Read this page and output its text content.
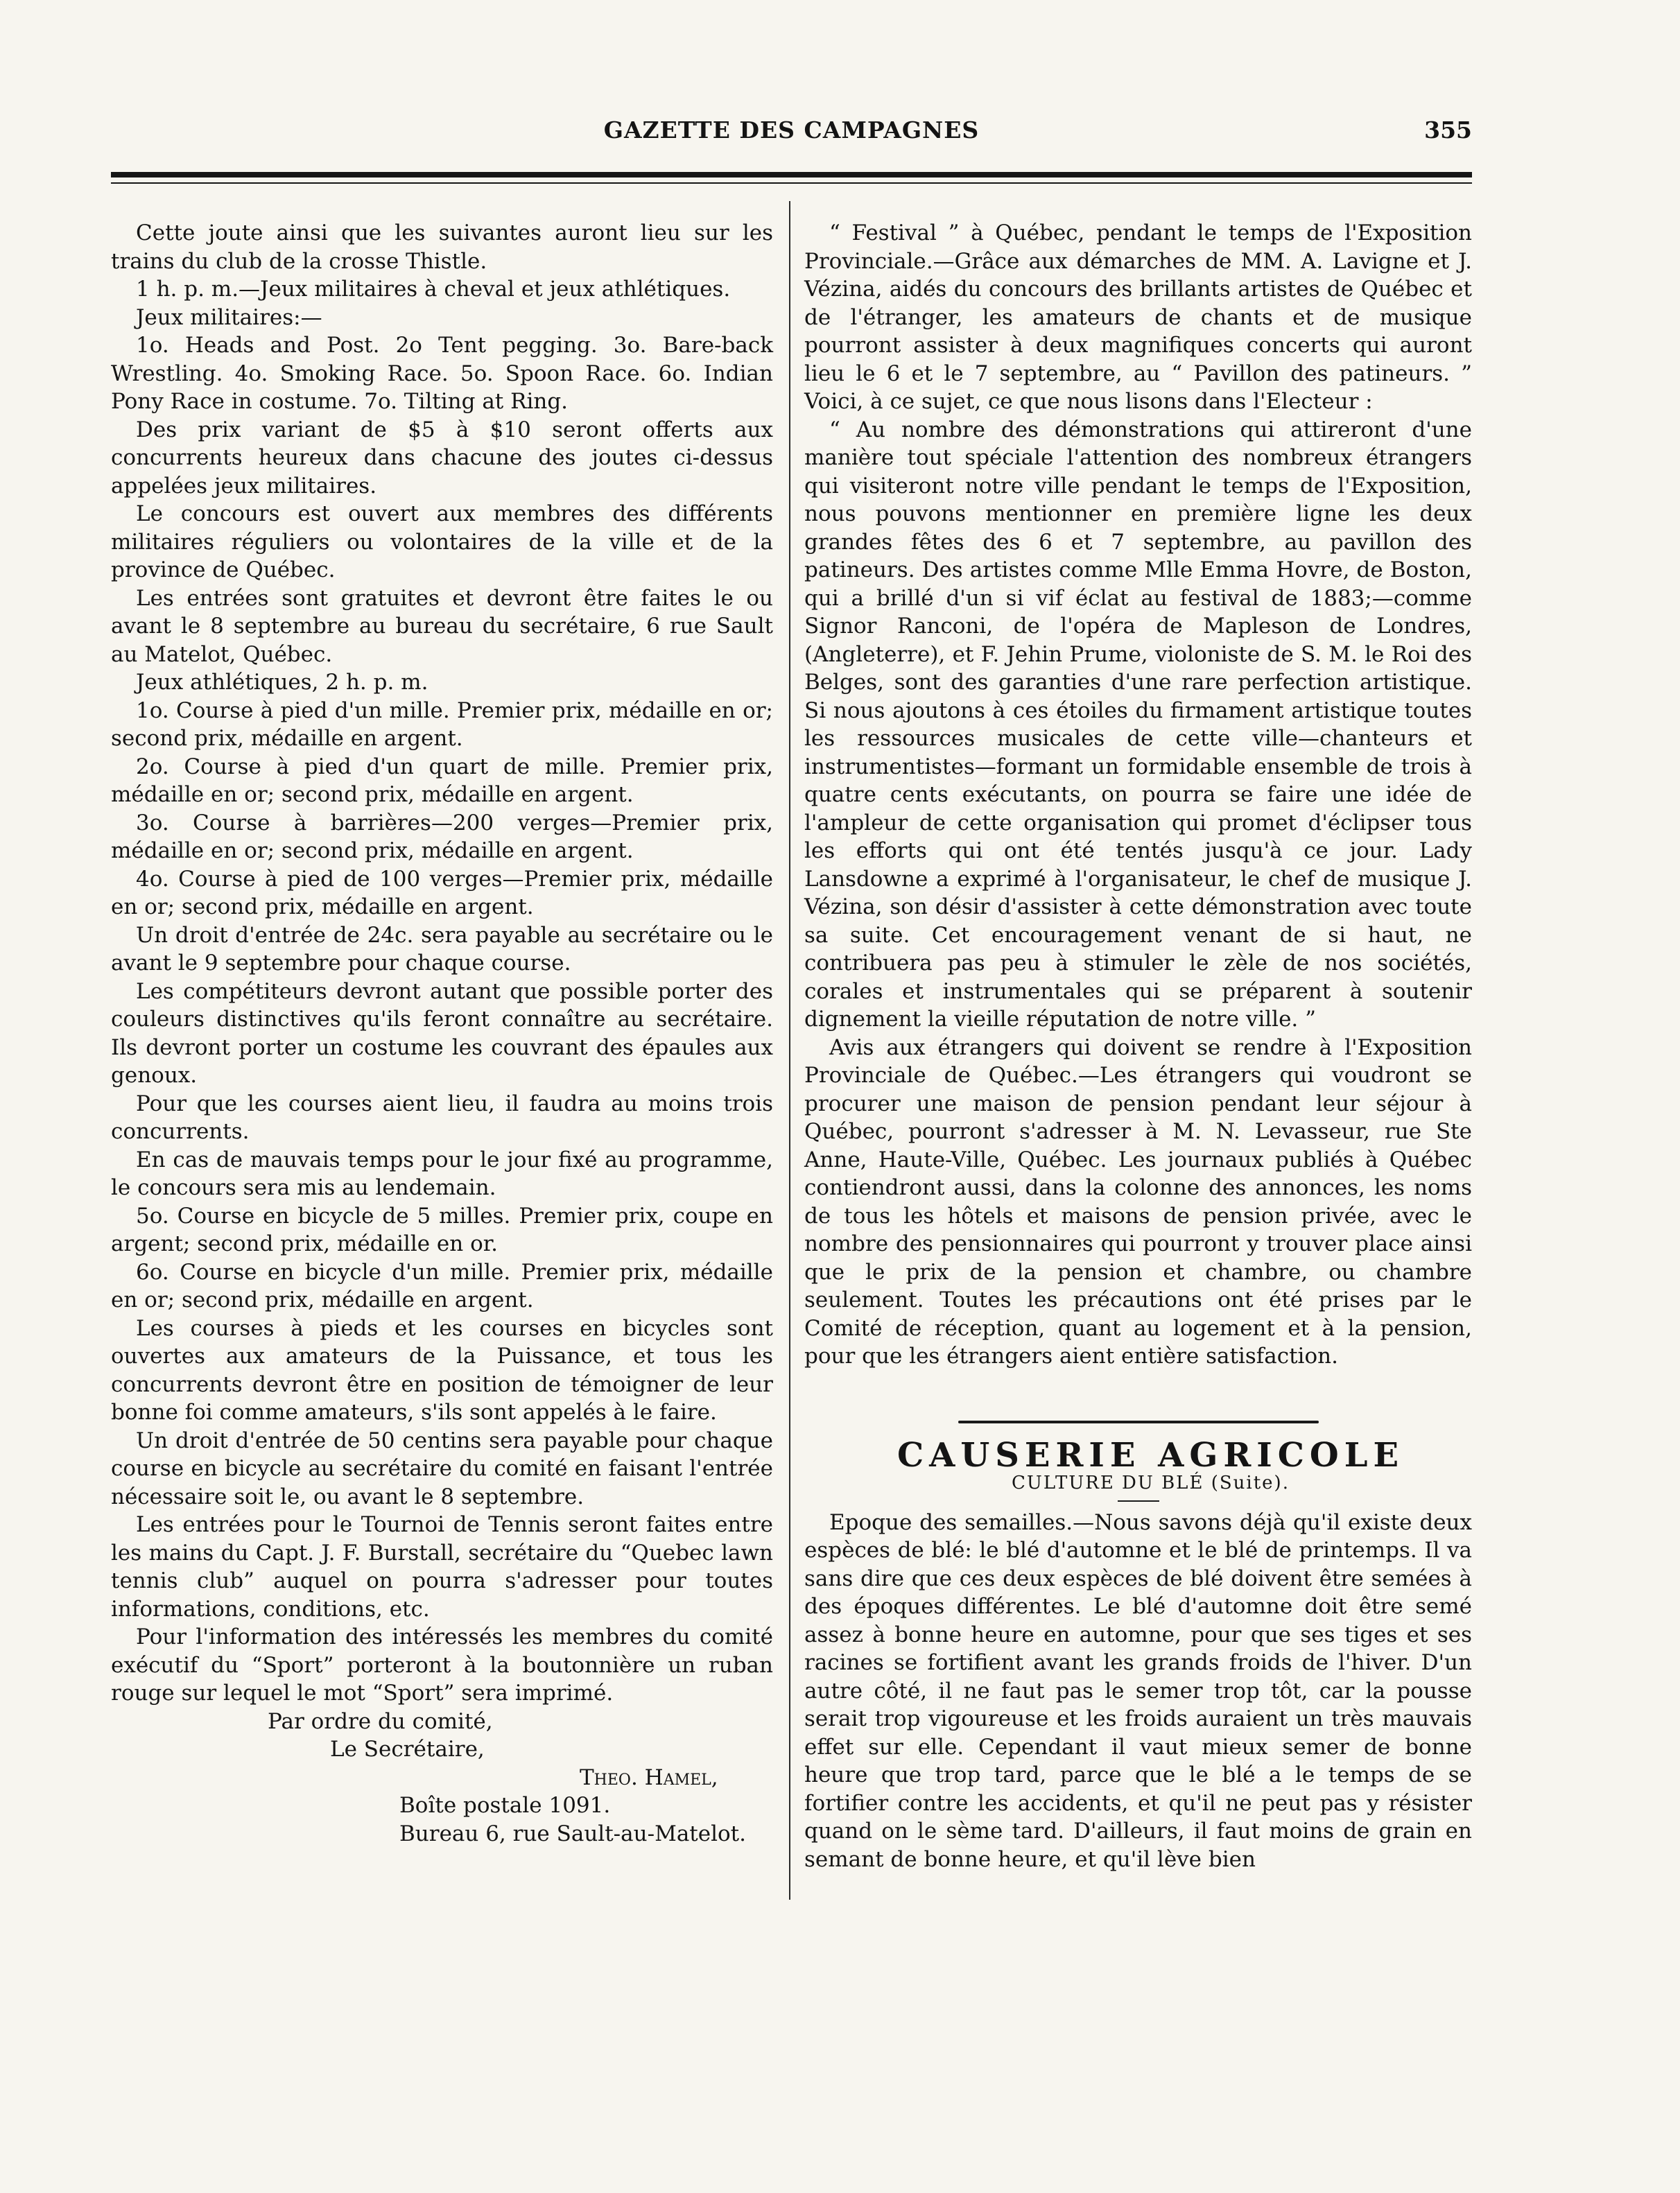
GAZETTE DES CAMPAGNES	355

Cette joute ainsi que les suivantes auront lieu sur les trains du club de la crosse Thistle.

1 h. p. m.—Jeux militaires à cheval et jeux athlétiques.

Jeux militaires:—

1o. Heads and Post. 2o Tent pegging. 3o. Bare-back Wrestling. 4o. Smoking Race. 5o. Spoon Race. 6o. Indian Pony Race in costume. 7o. Tilting at Ring.

Des prix variant de $5 à $10 seront offerts aux concurrents heureux dans chacune des joutes ci-dessus appelées jeux militaires.

Le concours est ouvert aux membres des différents militaires réguliers ou volontaires de la ville et de la province de Québec.

Les entrées sont gratuites et devront être faites le ou avant le 8 septembre au bureau du secrétaire, 6 rue Sault au Matelot, Québec.

Jeux athlétiques, 2 h. p. m.

1o. Course à pied d'un mille. Premier prix, médaille en or; second prix, médaille en argent.

2o. Course à pied d'un quart de mille. Premier prix, médaille en or; second prix, médaille en argent.

3o. Course à barrières—200 verges—Premier prix, médaille en or; second prix, médaille en argent.

4o. Course à pied de 100 verges—Premier prix, médaille en or; second prix, médaille en argent.

Un droit d'entrée de 24c. sera payable au secrétaire ou le avant le 9 septembre pour chaque course.

Les compétiteurs devront autant que possible porter des couleurs distinctives qu'ils feront connaître au secrétaire. Ils devront porter un costume les couvrant des épaules aux genoux.

Pour que les courses aient lieu, il faudra au moins trois concurrents.

En cas de mauvais temps pour le jour fixé au programme, le concours sera mis au lendemain.

5o. Course en bicycle de 5 milles. Premier prix, coupe en argent; second prix, médaille en or.

6o. Course en bicycle d'un mille. Premier prix, médaille en or; second prix, médaille en argent.

Les courses à pieds et les courses en bicycles sont ouvertes aux amateurs de la Puissance, et tous les concurrents devront être en position de témoigner de leur bonne foi comme amateurs, s'ils sont appelés à le faire.

Un droit d'entrée de 50 centins sera payable pour chaque course en bicycle au secrétaire du comité en faisant l'entrée nécessaire soit le, ou avant le 8 septembre.

Les entrées pour le Tournoi de Tennis seront faites entre les mains du Capt. J. F. Burstall, secrétaire du “Quebec lawn tennis club” auquel on pourra s'adresser pour toutes informations, conditions, etc.

Pour l'information des intéressés les membres du comité exécutif du “Sport” porteront à la boutonnière un ruban rouge sur lequel le mot “Sport” sera imprimé.

Par ordre du comité,

Le Secrétaire,

Theo. Hamel,

Boîte postale 1091.

Bureau 6, rue Sault-au-Matelot.

“ Festival ” à Québec, pendant le temps de l'Exposition Provinciale.—Grâce aux démarches de MM. A. Lavigne et J. Vézina, aidés du concours des brillants artistes de Québec et de l'étranger, les amateurs de chants et de musique pourront assister à deux magnifiques concerts qui auront lieu le 6 et le 7 septembre, au “ Pavillon des patineurs. ” Voici, à ce sujet, ce que nous lisons dans l'Electeur :

“ Au nombre des démonstrations qui attireront d'une manière tout spéciale l'attention des nombreux étrangers qui visiteront notre ville pendant le temps de l'Exposition, nous pouvons mentionner en première ligne les deux grandes fêtes des 6 et 7 septembre, au pavillon des patineurs. Des artistes comme Mlle Emma Hovre, de Boston, qui a brillé d'un si vif éclat au festival de 1883;—comme Signor Ranconi, de l'opéra de Mapleson de Londres, (Angleterre), et F. Jehin Prume, violoniste de S. M. le Roi des Belges, sont des garanties d'une rare perfection artistique. Si nous ajoutons à ces étoiles du firmament artistique toutes les ressources musicales de cette ville—chanteurs et instrumentistes—formant un formidable ensemble de trois à quatre cents exécutants, on pourra se faire une idée de l'ampleur de cette organisation qui promet d'éclipser tous les efforts qui ont été tentés jusqu'à ce jour. Lady Lansdowne a exprimé à l'organisateur, le chef de musique J. Vézina, son désir d'assister à cette démonstration avec toute sa suite. Cet encouragement venant de si haut, ne contribuera pas peu à stimuler le zèle de nos sociétés, corales et instrumentales qui se préparent à soutenir dignement la vieille réputation de notre ville. ”

Avis aux étrangers qui doivent se rendre à l'Exposition Provinciale de Québec.—Les étrangers qui voudront se procurer une maison de pension pendant leur séjour à Québec, pourront s'adresser à M. N. Levasseur, rue Ste Anne, Haute-Ville, Québec. Les journaux publiés à Québec contiendront aussi, dans la colonne des annonces, les noms de tous les hôtels et maisons de pension privée, avec le nombre des pensionnaires qui pourront y trouver place ainsi que le prix de la pension et chambre, ou chambre seulement. Toutes les précautions ont été prises par le Comité de réception, quant au logement et à la pension, pour que les étrangers aient entière satisfaction.

CAUSERIE AGRICOLE

CULTURE DU BLÉ (Suite).

Epoque des semailles.—Nous savons déjà qu'il existe deux espèces de blé: le blé d'automne et le blé de printemps. Il va sans dire que ces deux espèces de blé doivent être semées à des époques différentes. Le blé d'automne doit être semé assez à bonne heure en automne, pour que ses tiges et ses racines se fortifient avant les grands froids de l'hiver. D'un autre côté, il ne faut pas le semer trop tôt, car la pousse serait trop vigoureuse et les froids auraient un très mauvais effet sur elle. Cependant il vaut mieux semer de bonne heure que trop tard, parce que le blé a le temps de se fortifier contre les accidents, et qu'il ne peut pas y résister quand on le sème tard. D'ailleurs, il faut moins de grain en semant de bonne heure, et qu'il lève bien
